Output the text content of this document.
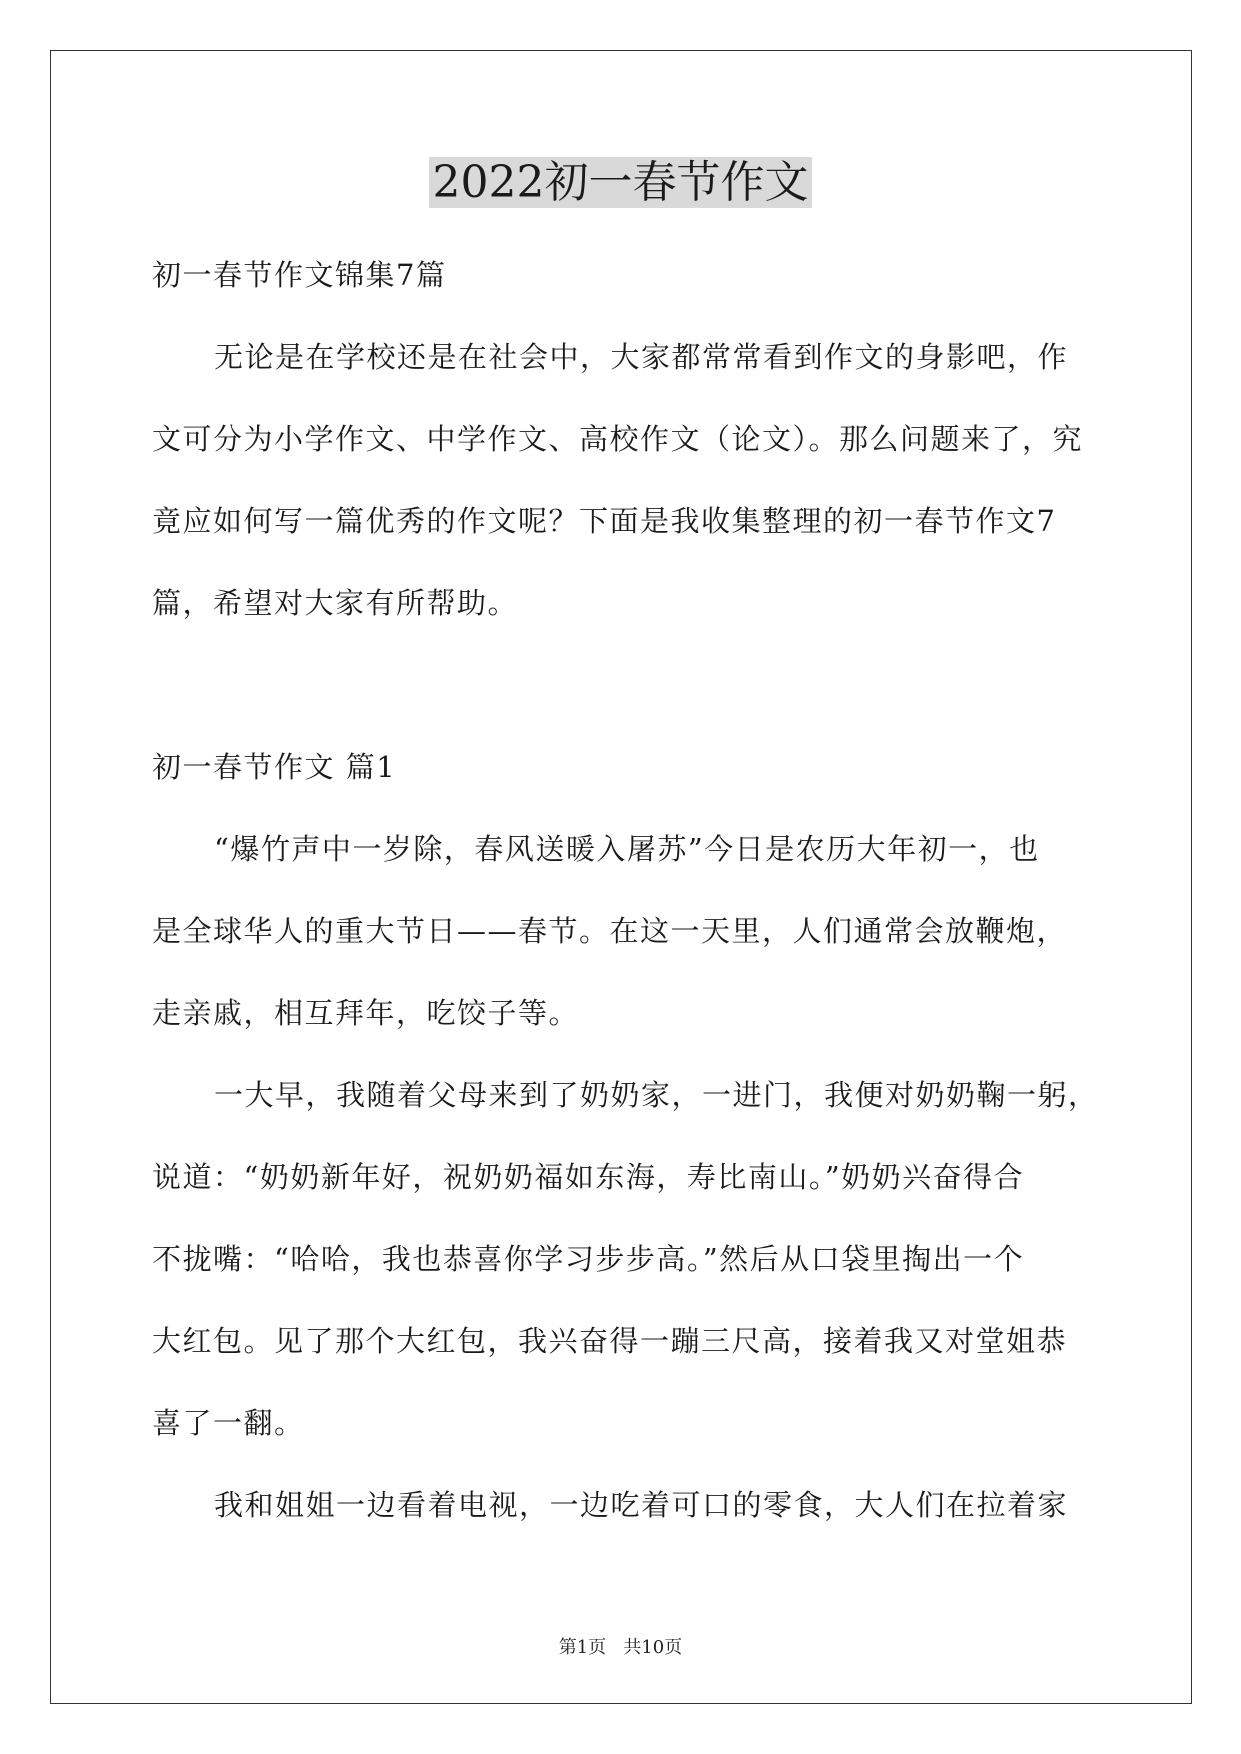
2022初一春节作文
初一春节作文锦集7篇
无论是在学校还是在社会中，大家都常常看到作文的身影吧，作
文可分为小学作文、中学作文、高校作文（论文）。那么问题来了，究
竟应如何写一篇优秀的作文呢？下面是我收集整理的初一春节作文7
篇，希望对大家有所帮助。
初一春节作文 篇1
“爆竹声中一岁除，春风送暖入屠苏”今日是农历大年初一，也
是全球华人的重大节日——春节。在这一天里，人们通常会放鞭炮，
走亲戚，相互拜年，吃饺子等。
一大早，我随着父母来到了奶奶家，一进门，我便对奶奶鞠一躬，
说道：“奶奶新年好，祝奶奶福如东海，寿比南山。”奶奶兴奋得合
不拢嘴：“哈哈，我也恭喜你学习步步高。”然后从口袋里掏出一个
大红包。见了那个大红包，我兴奋得一蹦三尺高，接着我又对堂姐恭
喜了一翻。
我和姐姐一边看着电视，一边吃着可口的零食，大人们在拉着家
第1页   共10页
